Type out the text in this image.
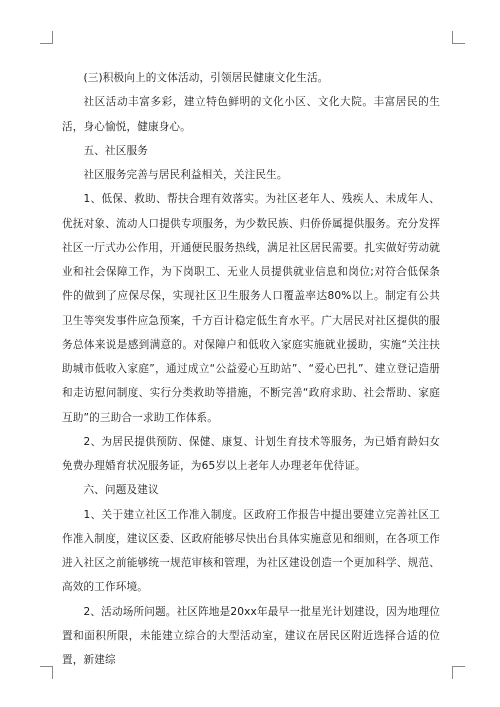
(三)积极向上的文体活动，引领居民健康文化生活。

社区活动丰富多彩，建立特色鲜明的文化小区、文化大院。丰富居民的生活，身心愉悦，健康身心。

五、社区服务

社区服务完善与居民利益相关，关注民生。

1、低保、救助、帮扶合理有效落实。为社区老年人、残疾人、未成年人、优抚对象、流动人口提供专项服务，为少数民族、归侨侨属提供服务。充分发挥社区一厅式办公作用，开通便民服务热线，满足社区居民需要。扎实做好劳动就业和社会保障工作，为下岗职工、无业人员提供就业信息和岗位;对符合低保条件的做到了应保尽保，实现社区卫生服务人口覆盖率达80%以上。制定有公共卫生等突发事件应急预案，千方百计稳定低生育水平。广大居民对社区提供的服务总体来说是感到满意的。对保障户和低收入家庭实施就业援助，实施“关注扶助城市低收入家庭”，通过成立“公益爱心互助站”、“爱心巴扎”、建立登记造册和走访慰问制度、实行分类救助等措施，不断完善“政府求助、社会帮助、家庭互助”的三助合一求助工作体系。

2、为居民提供预防、保健、康复、计划生育技术等服务，为已婚育龄妇女免费办理婚育状况服务证，为65岁以上老年人办理老年优待证。

六、问题及建议

1、关于建立社区工作准入制度。区政府工作报告中提出要建立完善社区工作准入制度，建议区委、区政府能够尽快出台具体实施意见和细则，在各项工作进入社区之前能够统一规范审核和管理，为社区建设创造一个更加科学、规范、高效的工作环境。

2、活动场所问题。社区阵地是20xx年最早一批星光计划建设，因为地理位置和面积所限，未能建立综合的大型活动室，建议在居民区附近选择合适的位置，新建综
